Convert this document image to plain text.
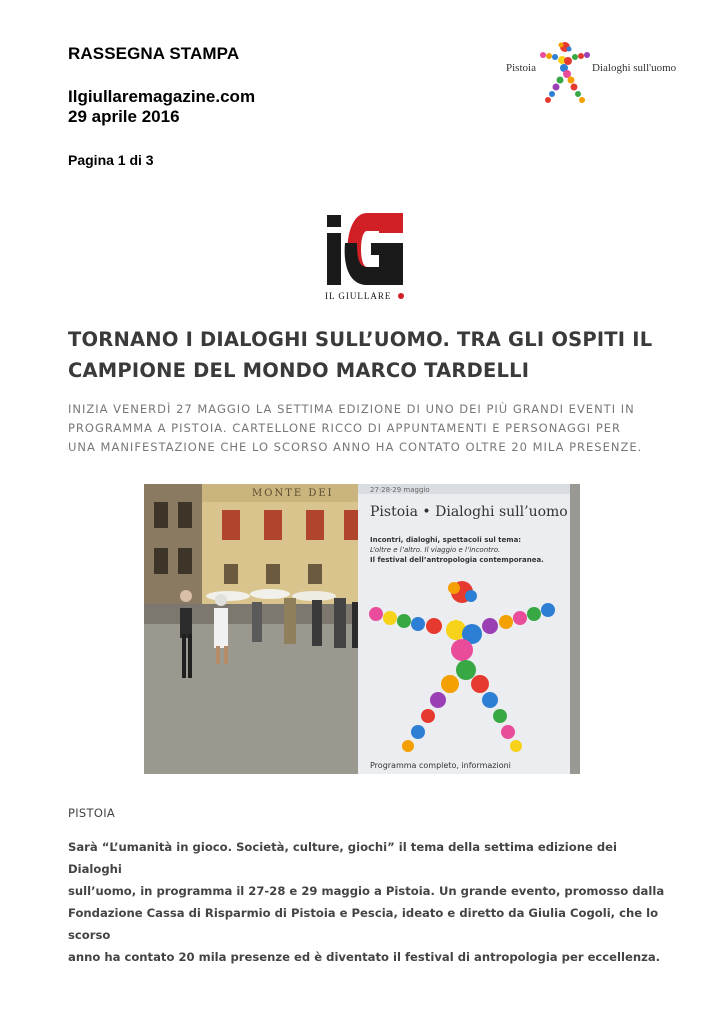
RASSEGNA STAMPA
Ilgiullaremagazine.com
29 aprile 2016
Pagina 1 di 3
Pistoia	Dialoghi sull'uomo
IL GIULLARE
TORNANO I DIALOGHI SULL’UOMO. TRA GLI OSPITI IL
CAMPIONE DEL MONDO MARCO TARDELLI
INIZIA VENERDÌ 27 MAGGIO LA SETTIMA EDIZIONE DI UNO DEI PIÙ GRANDI EVENTI IN
PROGRAMMA A PISTOIA. CARTELLONE RICCO DI APPUNTAMENTI E PERSONAGGI PER
UNA MANIFESTAZIONE CHE LO SCORSO ANNO HA CONTATO OLTRE 20 MILA PRESENZE.
27·28·29 maggio
Pistoia • Dialoghi sull’uomo
Incontri, dialoghi, spettacoli sul tema:
L’oltre e l’altro. Il viaggio e l’incontro.
Il festival dell’antropologia contemporanea.
Programma completo, informazioni
MONTE DEI
PISTOIA
Sarà “L’umanità in gioco. Società, culture, giochi” il tema della settima edizione dei Dialoghi
sull’uomo, in programma il 27-28 e 29 maggio a Pistoia. Un grande evento, promosso dalla
Fondazione Cassa di Risparmio di Pistoia e Pescia, ideato e diretto da Giulia Cogoli, che lo scorso
anno ha contato 20 mila presenze ed è diventato il festival di antropologia per eccellenza.
